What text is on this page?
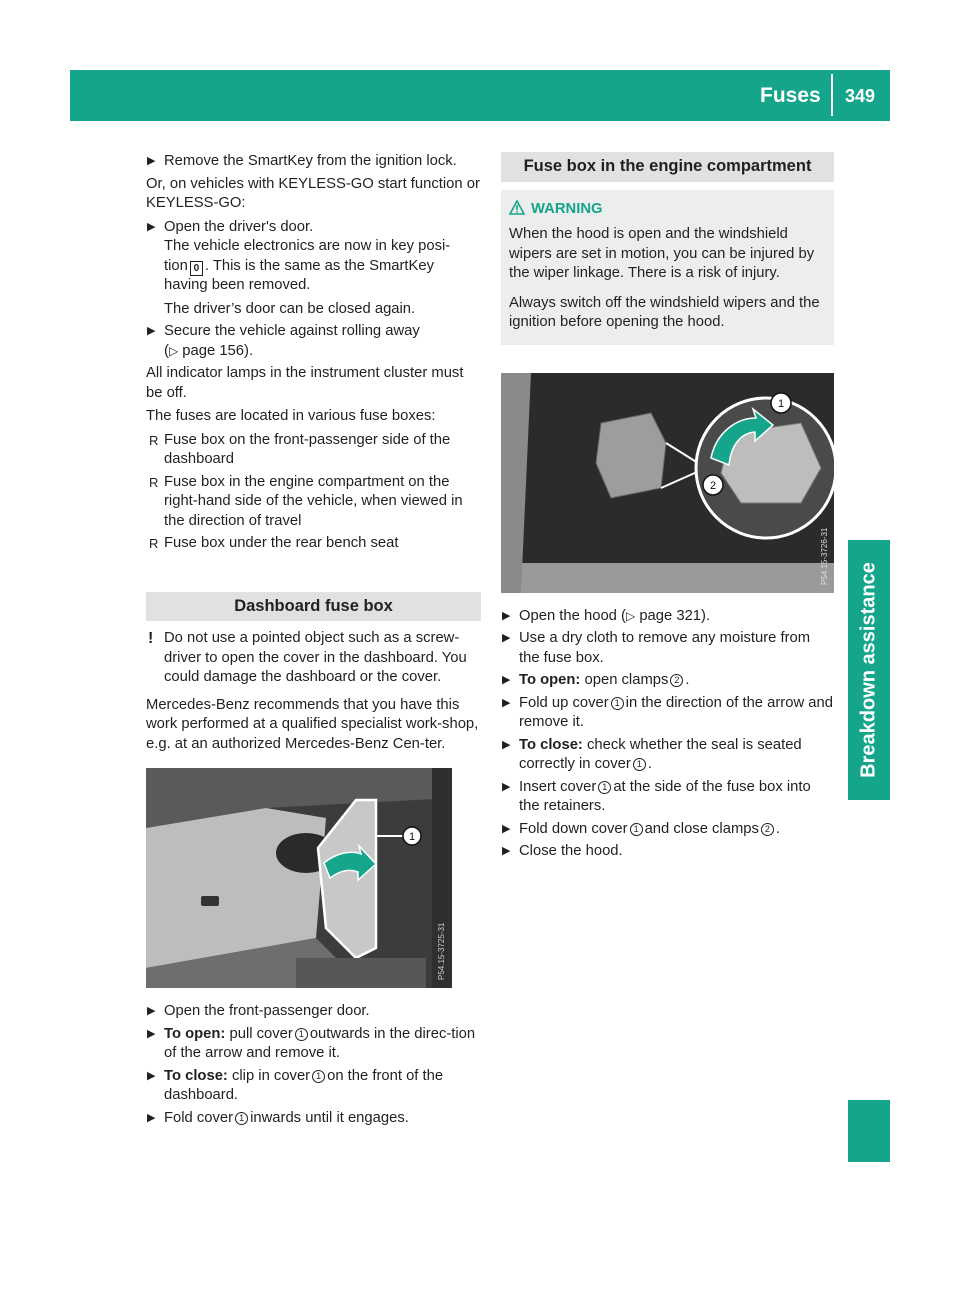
Fuses 349
Breakdown assistance
▶ Remove the SmartKey from the ignition lock.

Or, on vehicles with KEYLESS-GO start function or KEYLESS-GO:

▶ Open the driver's door.
The vehicle electronics are now in key posi-
tion 0 . This is the same as the SmartKey having been removed.
The driver’s door can be closed again.
▶ Secure the vehicle against rolling away
(▷ page 156).

All indicator lamps in the instrument cluster must be off.

The fuses are located in various fuse boxes:

R Fuse box on the front-passenger side of the dashboard
R Fuse box in the engine compartment on the right-hand side of the vehicle, when viewed in the direction of travel
R Fuse box under the rear bench seat
Dashboard fuse box
! Do not use a pointed object such as a screw-driver to open the cover in the dashboard. You could damage the dashboard or the cover.

Mercedes-Benz recommends that you have this work performed at a qualified specialist work-shop, e.g. at an authorized Mercedes-Benz Cen-ter.

1
P54.15-3725-31
▶ Open the front-passenger door.
▶ To open: pull cover 1 outwards in the direc-tion of the arrow and remove it.
▶ To close: clip in cover 1 on the front of the dashboard.
▶ Fold cover 1 inwards until it engages.
Fuse box in the engine compartment
WARNING

When the hood is open and the windshield wipers are set in motion, you can be injured by the wiper linkage. There is a risk of injury.

Always switch off the windshield wipers and the ignition before opening the hood.

1
2
P54.15-3726-31
▶ Open the hood (▷ page 321).
▶ Use a dry cloth to remove any moisture from the fuse box.
▶ To open: open clamps 2 .
▶ Fold up cover 1 in the direction of the arrow and remove it.
▶ To close: check whether the seal is seated correctly in cover 1 .
▶ Insert cover 1 at the side of the fuse box into the retainers.
▶ Fold down cover 1 and close clamps 2 .
▶ Close the hood.
